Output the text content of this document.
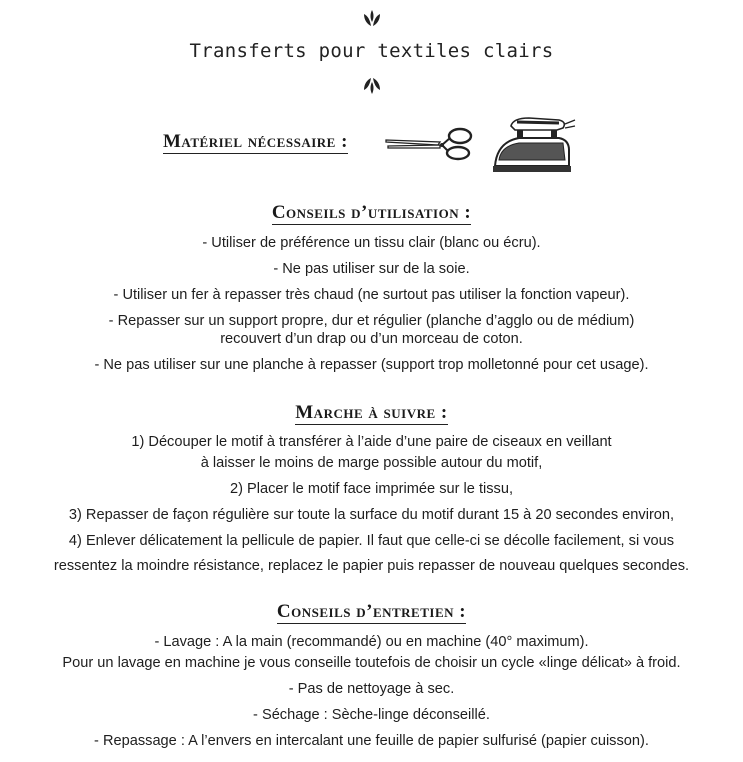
Transferts pour textiles clairs
Matériel nécessaire :
Conseils d’utilisation :
- Utiliser de préférence un tissu clair (blanc ou écru).
- Ne pas utiliser sur de la soie.
- Utiliser un fer à repasser très chaud (ne surtout pas utiliser la fonction vapeur).
- Repasser sur un support propre, dur et régulier (planche d’agglo ou de médium)
recouvert d’un drap ou d’un morceau de coton.
- Ne pas utiliser sur une planche à repasser (support trop molletonné pour cet usage).
Marche à suivre :
1) Découper le motif à transférer à l’aide d’une paire de ciseaux en veillant
à laisser le moins de marge possible autour du motif,
2) Placer le motif face imprimée sur le tissu,
3) Repasser de façon régulière sur toute la surface du motif durant 15 à 20 secondes environ,
4) Enlever délicatement la pellicule de papier. Il faut que celle-ci se décolle facilement, si vous
ressentez la moindre résistance, replacez le papier puis repasser de nouveau quelques secondes.
Conseils d’entretien :
- Lavage : A la main (recommandé) ou en machine (40° maximum).
Pour un lavage en machine je vous conseille toutefois de choisir un cycle «linge délicat» à froid.
- Pas de nettoyage à sec.
- Séchage : Sèche-linge déconseillé.
- Repassage : A l’envers en intercalant une feuille de papier sulfurisé (papier cuisson).
